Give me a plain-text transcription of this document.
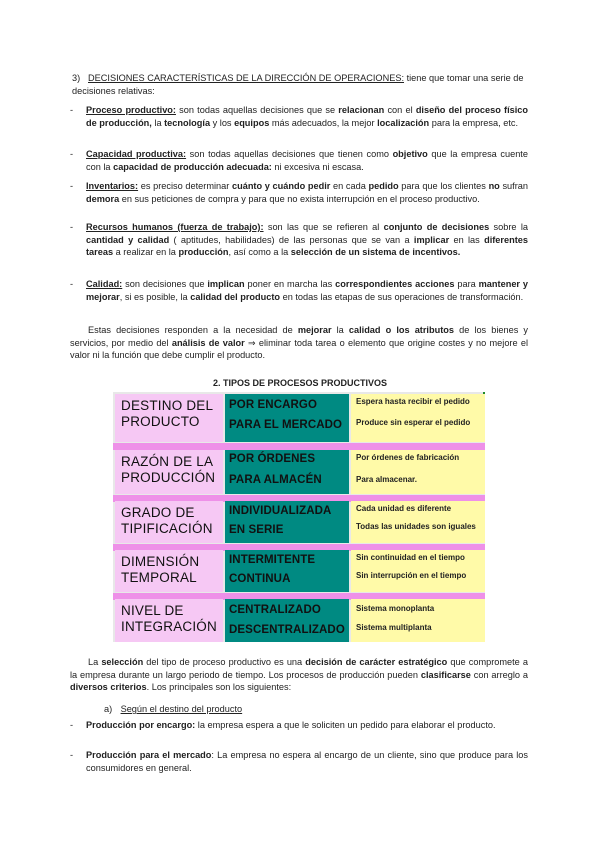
3) DECISIONES CARACTERÍSTICAS DE LA DIRECCIÓN DE OPERACIONES: tiene que tomar una serie de decisiones relativas:
- Proceso productivo: son todas aquellas decisiones que se relacionan con el diseño del proceso físico de producción, la tecnología y los equipos más adecuados, la mejor localización para la empresa, etc.
- Capacidad productiva: son todas aquellas decisiones que tienen como objetivo que la empresa cuente con la capacidad de producción adecuada: ni excesiva ni escasa.
- Inventarios: es preciso determinar cuánto y cuándo pedir en cada pedido para que los clientes no sufran demora en sus peticiones de compra y para que no exista interrupción en el proceso productivo.
- Recursos humanos (fuerza de trabajo): son las que se refieren al conjunto de decisiones sobre la cantidad y calidad ( aptitudes, habilidades) de las personas que se van a implicar en las diferentes tareas a realizar en la producción, así como a la selección de un sistema de incentivos.
- Calidad: son decisiones que implican poner en marcha las correspondientes acciones para mantener y mejorar, si es posible, la calidad del producto en todas las etapas de sus operaciones de transformación.
Estas decisiones responden a la necesidad de mejorar la calidad o los atributos de los bienes y servicios, por medio del análisis de valor ⇒ eliminar toda tarea o elemento que origine costes y no mejore el valor ni la función que debe cumplir el producto.
2. TIPOS DE PROCESOS PRODUCTIVOS
DESTINO DEL
PRODUCTO
POR ENCARGO
PARA EL MERCADO
Espera hasta recibir el pedido
Produce sin esperar el pedido
RAZÓN DE LA
PRODUCCIÓN
POR ÓRDENES
PARA ALMACÉN
Por órdenes de fabricación
Para almacenar.
GRADO DE
TIPIFICACIÓN
INDIVIDUALIZADA
EN SERIE
Cada unidad es diferente
Todas las unidades son iguales
DIMENSIÓN
TEMPORAL
INTERMITENTE
CONTINUA
Sin continuidad en el tiempo
Sin interrupción en el tiempo
NIVEL DE
INTEGRACIÓN
CENTRALIZADO
DESCENTRALIZADO
Sistema monoplanta
Sistema multiplanta
La selección del tipo de proceso productivo es una decisión de carácter estratégico que compromete a la empresa durante un largo periodo de tiempo. Los procesos de producción pueden clasificarse con arreglo a diversos criterios. Los principales son los siguientes:
a) Según el destino del producto
- Producción por encargo: la empresa espera a que le soliciten un pedido para elaborar el producto.
- Producción para el mercado: La empresa no espera al encargo de un cliente, sino que produce para los consumidores en general.
